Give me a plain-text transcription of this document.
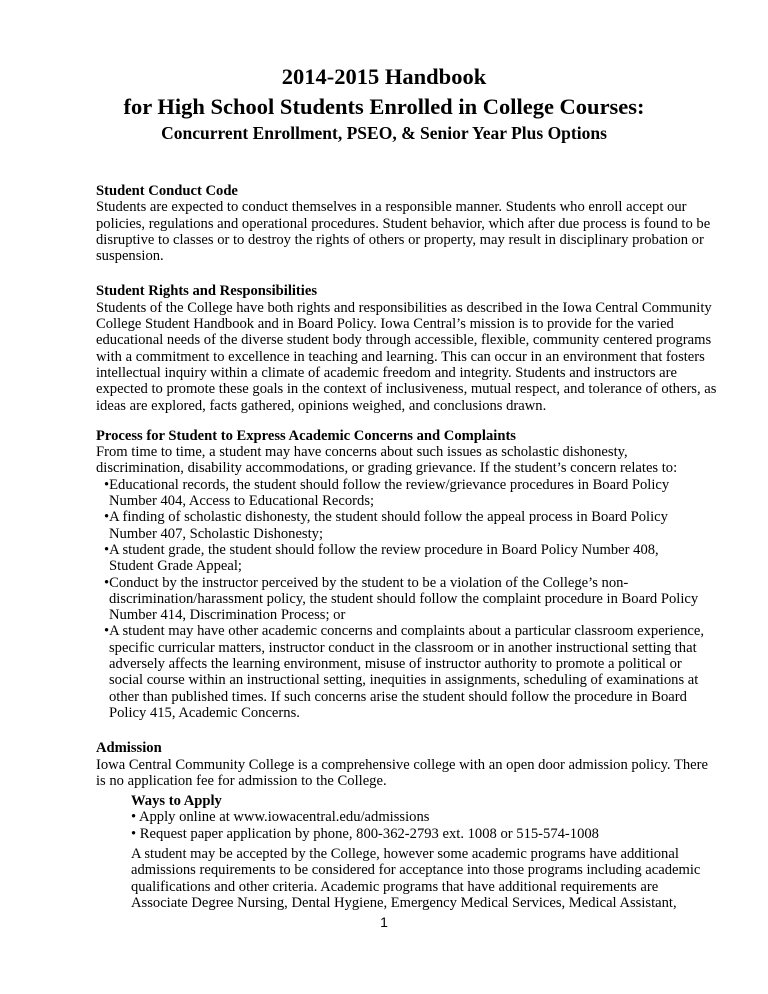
2014-2015 Handbook
for High School Students Enrolled in College Courses:
Concurrent Enrollment, PSEO, & Senior Year Plus Options
Student Conduct Code
Students are expected to conduct themselves in a responsible manner. Students who enroll accept our
policies, regulations and operational procedures. Student behavior, which after due process is found to be
disruptive to classes or to destroy the rights of others or property, may result in disciplinary probation or
suspension.
Student Rights and Responsibilities
Students of the College have both rights and responsibilities as described in the Iowa Central Community
College Student Handbook and in Board Policy. Iowa Central’s mission is to provide for the varied
educational needs of the diverse student body through accessible, flexible, community centered programs
with a commitment to excellence in teaching and learning. This can occur in an environment that fosters
intellectual inquiry within a climate of academic freedom and integrity. Students and instructors are
expected to promote these goals in the context of inclusiveness, mutual respect, and tolerance of others, as
ideas are explored, facts gathered, opinions weighed, and conclusions drawn.
Process for Student to Express Academic Concerns and Complaints
From time to time, a student may have concerns about such issues as scholastic dishonesty,
discrimination, disability accommodations, or grading grievance. If the student’s concern relates to:
•Educational records, the student should follow the review/grievance procedures in Board Policy
Number 404, Access to Educational Records;
•A finding of scholastic dishonesty, the student should follow the appeal process in Board Policy
Number 407, Scholastic Dishonesty;
•A student grade, the student should follow the review procedure in Board Policy Number 408,
Student Grade Appeal;
•Conduct by the instructor perceived by the student to be a violation of the College’s non-
discrimination/harassment policy, the student should follow the complaint procedure in Board Policy
Number 414, Discrimination Process; or
•A student may have other academic concerns and complaints about a particular classroom experience,
specific curricular matters, instructor conduct in the classroom or in another instructional setting that
adversely affects the learning environment, misuse of instructor authority to promote a political or
social course within an instructional setting, inequities in assignments, scheduling of examinations at
other than published times. If such concerns arise the student should follow the procedure in Board
Policy 415, Academic Concerns.
Admission
Iowa Central Community College is a comprehensive college with an open door admission policy. There
is no application fee for admission to the College.
Ways to Apply
• Apply online at www.iowacentral.edu/admissions
• Request paper application by phone, 800-362-2793 ext. 1008 or 515-574-1008
A student may be accepted by the College, however some academic programs have additional
admissions requirements to be considered for acceptance into those programs including academic
qualifications and other criteria. Academic programs that have additional requirements are
Associate Degree Nursing, Dental Hygiene, Emergency Medical Services, Medical Assistant,
1
